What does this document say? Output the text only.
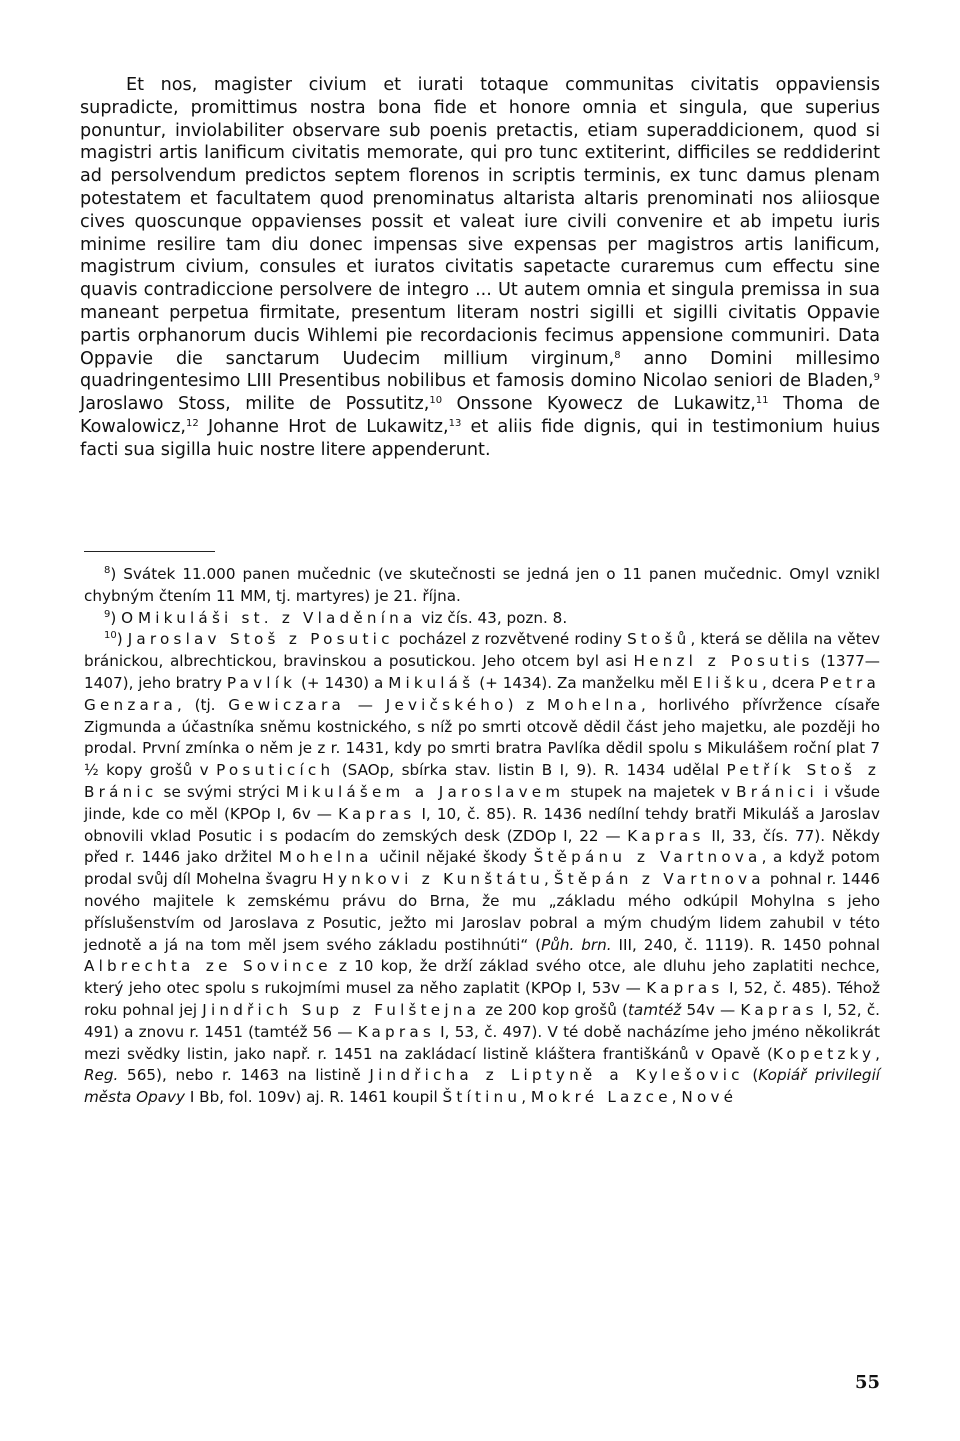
Et nos, magister civium et iurati totaque communitas civitatis oppaviensis supradicte, promittimus nostra bona fide et honore omnia et singula, que superius ponuntur, inviolabiliter observare sub poenis pretactis, etiam superaddicionem, quod si magistri artis lanificum civitatis memorate, qui pro tunc extiterint, difficiles se reddiderint ad persolvendum predictos septem florenos in scriptis terminis, ex tunc damus plenam potestatem et facultatem quod prenominatus altarista altaris prenominati nos aliiosque cives quoscunque oppavienses possit et valeat iure civili convenire et ab impetu iuris minime resilire tam diu donec impensas sive expensas per magistros artis lanificum, magistrum civium, consules et iuratos civitatis sapetacte curaremus cum effectu sine quavis contradiccione persolvere de integro ... Ut autem omnia et singula premissa in sua maneant perpetua firmitate, presentum literam nostri sigilli et sigilli civitatis Oppavie partis orphanorum ducis Wihlemi pie recordacionis fecimus appensione communiri. Data Oppavie die sanctarum Uudecim millium virginum,$^8$ anno Domini millesimo quadringentesimo LIII Presentibus nobilibus et famosis domino Nicolao seniori de Bladen,$^9$ Jaroslawo Stoss, milite de Possutitz,$^{10}$ Onssone Kyowecz de Lukawitz,$^{11}$ Thoma de Kowalowicz,$^{12}$ Johanne Hrot de Lukawitz,$^{13}$ et aliis fide dignis, qui in testimonium huius facti sua sigilla huic nostre litere appenderunt.

$^8$) Svátek 11.000 panen mučednic (ve skutečnosti se jedná jen o 11 panen mučednic. Omyl vznikl chybným čtením 11 MM, tj. martyres) je 21. října.

$^9$) O Mikuláši st. z Vladěnína viz čís. 43, pozn. 8.

$^{10}$) Jaroslav Stoš z Posutic pocházel z rozvětvené rodiny Stošů, která se dělila na větev bránickou, albrechtickou, bravinskou a posutickou. Jeho otcem byl asi Henzl z Posutis (1377—1407), jeho bratry Pavlík (+ 1430) a Mikuláš (+ 1434). Za manželku měl Elišku, dcera Petra Genzara, (tj. Gewiczara — Jevičského) z Mohelna, horlivého přívržence císaře Zigmunda a účastníka sněmu kostnického, s níž po smrti otcově dědil část jeho majetku, ale později ho prodal. První zmínka o něm je z r. 1431, kdy po smrti bratra Pavlíka dědil spolu s Mikulášem roční plat 7 ½ kopy grošů v Posuticích (SAOp, sbírka stav. listin B I, 9). R. 1434 udělal Petřík Stoš z Bránic se svými strýci Mikulášem a Jaroslavem stupek na majetek v Bránici i všude jinde, kde co měl (KPOp I, 6v — Kapras I, 10, č. 85). R. 1436 nedílní tehdy bratři Mikuláš a Jaroslav obnovili vklad Posutic i s podacím do zemských desk (ZDOp I, 22 — Kapras II, 33, čís. 77). Někdy před r. 1446 jako držitel Mohelna učinil nějaké škody Štěpánu z Vartnova, a když potom prodal svůj díl Mohelna švagru Hynkovi z Kunštátu, Štěpán z Vartnova pohnal r. 1446 nového majitele k zemskému právu do Brna, že mu „základu mého odkúpil Mohylna s jeho příslušenstvím od Jaroslava z Posutic, ježto mi Jaroslav pobral a mým chudým lidem zahubil v této jednotě a já na tom měl jsem svého základu postihnúti“ (Půh. brn. III, 240, č. 1119). R. 1450 pohnal Albrechta ze Sovince z 10 kop, že drží základ svého otce, ale dluhu jeho zaplatiti nechce, který jeho otec spolu s rukojmími musel za něho zaplatit (KPOp I, 53v — Kapras I, 52, č. 485). Téhož roku pohnal jej Jindřich Sup z Fulštejna ze 200 kop grošů (tamtéž 54v — Kapras I, 52, č. 491) a znovu r. 1451 (tamtéž 56 — Kapras I, 53, č. 497). V té době nacházíme jeho jméno několikrát mezi svědky listin, jako např. r. 1451 na zakládací listině kláštera františkánů v Opavě (Kopetzky, Reg. 565), nebo r. 1463 na listině Jindřicha z Liptyně a Kylešovic (Kopiář privilegií města Opavy I Bb, fol. 109v) aj. R. 1461 koupil Štítinu, Mokré Lazce, Nové

55
